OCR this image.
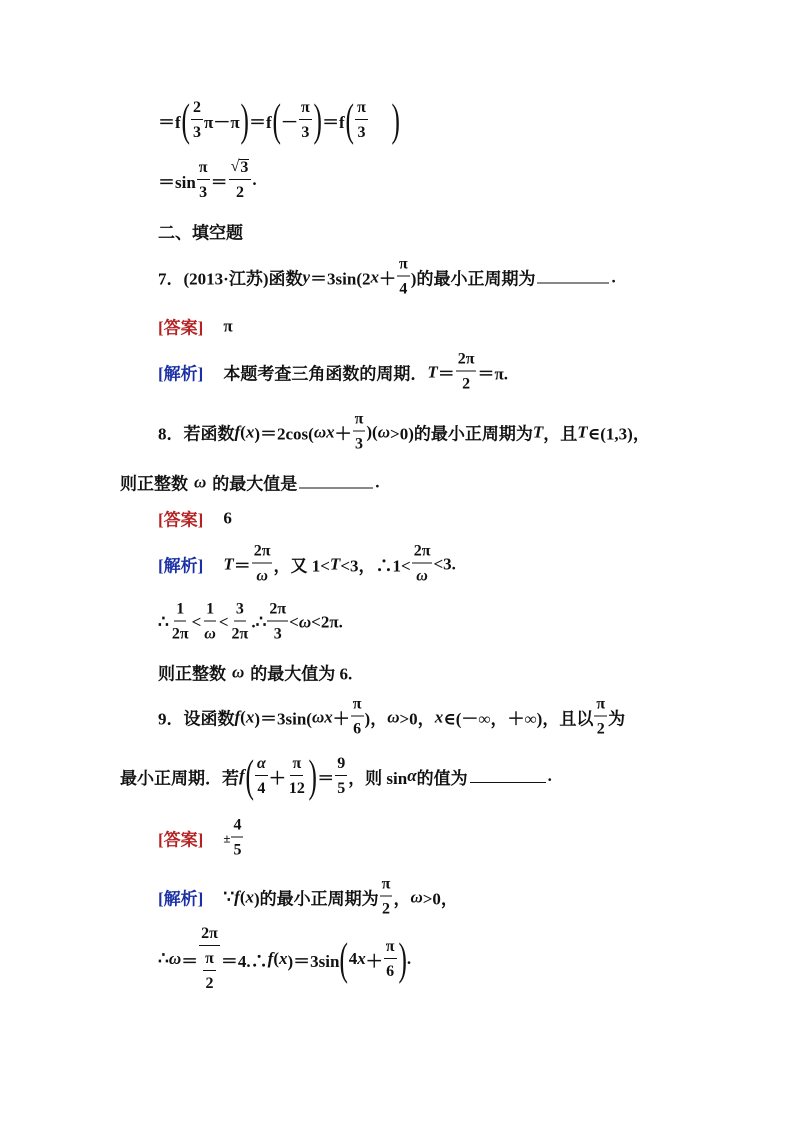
＝f ( 2
3
π－π ) ＝f ( －
π
3 ) ＝f ( π
3 )
＝sin
π
3
＝
√ 3
2
.
二、填空题
7．(2013·江苏)函数 y ＝3sin(2 x ＋
π
4
)的最小正周期为	.
[答案] π
[解析] 本题考查三角函数的周期． T ＝
2π
2
＝π.
8．若函数 f ( x )＝2cos( ωx ＋
π
3
)( ω >0)的最小正周期为 T ，且 T ∈(1,3)，
则正整数 ω 的最大值是	.
[答案] 6
[解析] T ＝
2π
ω
，又 1< T <3，∴1<
2π
ω
<3.
∴
1
2π
<
1
ω
<
3
2π
.∴
2π
3
< ω <2π.
则正整数 ω 的最大值为 6.
9．设函数 f ( x )＝3sin( ωx ＋
π
6
)， ω >0， x ∈(－∞，＋∞)，且以
π
2
为
最小正周期．若 f ( α
4
＋
π
12 ) ＝
9
5
，则 sin α 的值为	.
[答案] ± $\frac{4}{5}$
[解析] ∵ f ( x )的最小正周期为
π
2
， ω >0，
∴ ω ＝
2π
$\frac{\pi}{2}$ ＝4.∴ f ( x )＝3sin ( 4 x ＋
π
6 ) .
